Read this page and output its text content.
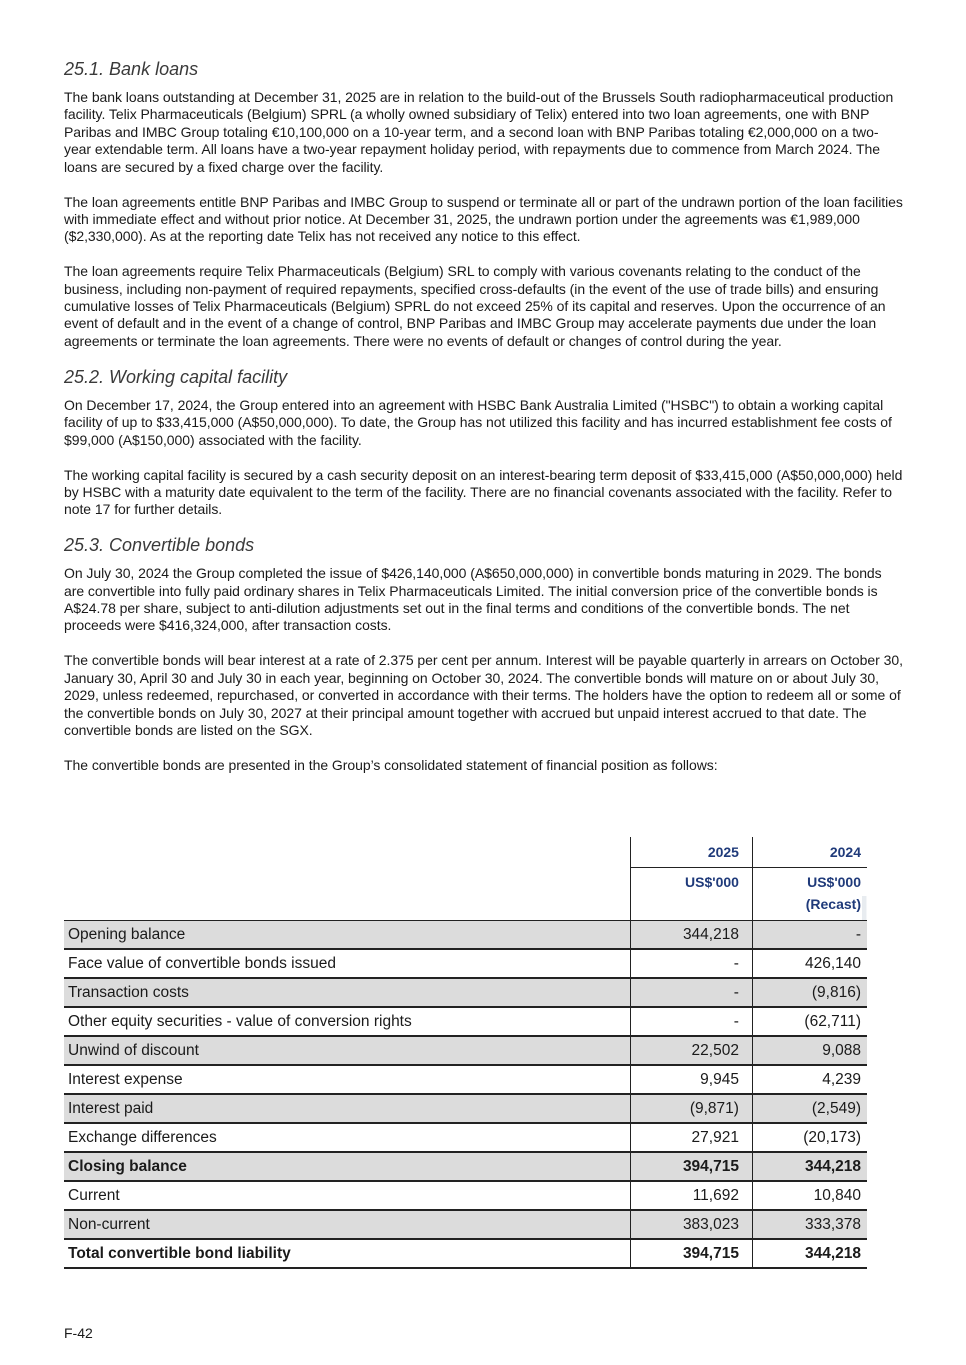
25.1. Bank loans

The bank loans outstanding at December 31, 2025 are in relation to the build-out of the Brussels South radiopharmaceutical production facility. Telix Pharmaceuticals (Belgium) SPRL (a wholly owned subsidiary of Telix) entered into two loan agreements, one with BNP Paribas and IMBC Group totaling €10,100,000 on a 10-year term, and a second loan with BNP Paribas totaling €2,000,000 on a two-year extendable term. All loans have a two-year repayment holiday period, with repayments due to commence from March 2024. The loans are secured by a fixed charge over the facility.

The loan agreements entitle BNP Paribas and IMBC Group to suspend or terminate all or part of the undrawn portion of the loan facilities with immediate effect and without prior notice. At December 31, 2025, the undrawn portion under the agreements was €1,989,000 ($2,330,000). As at the reporting date Telix has not received any notice to this effect.

The loan agreements require Telix Pharmaceuticals (Belgium) SRL to comply with various covenants relating to the conduct of the business, including non-payment of required repayments, specified cross-defaults (in the event of the use of trade bills) and ensuring cumulative losses of Telix Pharmaceuticals (Belgium) SPRL do not exceed 25% of its capital and reserves. Upon the occurrence of an event of default and in the event of a change of control, BNP Paribas and IMBC Group may accelerate payments due under the loan agreements or terminate the loan agreements. There were no events of default or changes of control during the year.

25.2. Working capital facility

On December 17, 2024, the Group entered into an agreement with HSBC Bank Australia Limited ("HSBC") to obtain a working capital facility of up to $33,415,000 (A$50,000,000). To date, the Group has not utilized this facility and has incurred establishment fee costs of $99,000 (A$150,000) associated with the facility.

The working capital facility is secured by a cash security deposit on an interest-bearing term deposit of $33,415,000 (A$50,000,000) held by HSBC with a maturity date equivalent to the term of the facility. There are no financial covenants associated with the facility. Refer to note 17 for further details.

25.3. Convertible bonds

On July 30, 2024 the Group completed the issue of $426,140,000 (A$650,000,000) in convertible bonds maturing in 2029. The bonds are convertible into fully paid ordinary shares in Telix Pharmaceuticals Limited. The initial conversion price of the convertible bonds is A$24.78 per share, subject to anti-dilution adjustments set out in the final terms and conditions of the convertible bonds. The net proceeds were $416,324,000, after transaction costs.

The convertible bonds will bear interest at a rate of 2.375 per cent per annum. Interest will be payable quarterly in arrears on October 30, January 30, April 30 and July 30 in each year, beginning on October 30, 2024. The convertible bonds will mature on or about July 30, 2029, unless redeemed, repurchased, or converted in accordance with their terms. The holders have the option to redeem all or some of the convertible bonds on July 30, 2027 at their principal amount together with accrued but unpaid interest accrued to that date. The convertible bonds are listed on the SGX.

The convertible bonds are presented in the Group’s consolidated statement of financial position as follows:

	2025	2024
	US$'000	US$'000
		(Recast)
Opening balance	344,218	-
Face value of convertible bonds issued	-	426,140
Transaction costs	-	(9,816)
Other equity securities - value of conversion rights	-	(62,711)
Unwind of discount	22,502	9,088
Interest expense	9,945	4,239
Interest paid	(9,871)	(2,549)
Exchange differences	27,921	(20,173)
Closing balance	394,715	344,218
Current	11,692	10,840
Non-current	383,023	333,378
Total convertible bond liability	394,715	344,218
F-42
